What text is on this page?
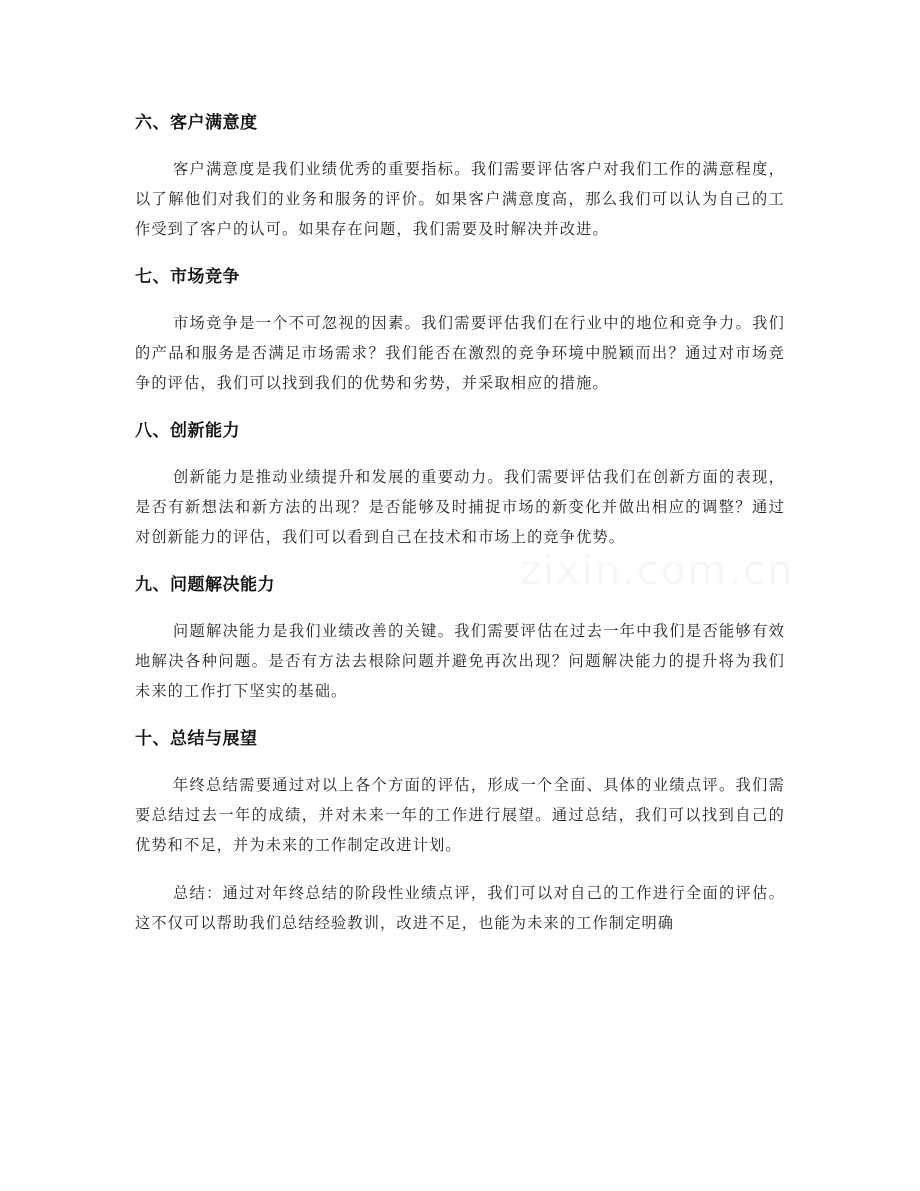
六、客户满意度

客户满意度是我们业绩优秀的重要指标。我们需要评估客户对我们工作的满意程度，以了解他们对我们的业务和服务的评价。如果客户满意度高，那么我们可以认为自己的工作受到了客户的认可。如果存在问题，我们需要及时解决并改进。

七、市场竞争

市场竞争是一个不可忽视的因素。我们需要评估我们在行业中的地位和竞争力。我们的产品和服务是否满足市场需求？我们能否在激烈的竞争环境中脱颖而出？通过对市场竞争的评估，我们可以找到我们的优势和劣势，并采取相应的措施。

八、创新能力

创新能力是推动业绩提升和发展的重要动力。我们需要评估我们在创新方面的表现，是否有新想法和新方法的出现？是否能够及时捕捉市场的新变化并做出相应的调整？通过对创新能力的评估，我们可以看到自己在技术和市场上的竞争优势。

九、问题解决能力

问题解决能力是我们业绩改善的关键。我们需要评估在过去一年中我们是否能够有效地解决各种问题。是否有方法去根除问题并避免再次出现？问题解决能力的提升将为我们未来的工作打下坚实的基础。

十、总结与展望

年终总结需要通过对以上各个方面的评估，形成一个全面、具体的业绩点评。我们需要总结过去一年的成绩，并对未来一年的工作进行展望。通过总结，我们可以找到自己的优势和不足，并为未来的工作制定改进计划。

总结：通过对年终总结的阶段性业绩点评，我们可以对自己的工作进行全面的评估。这不仅可以帮助我们总结经验教训，改进不足，也能为未来的工作制定明确
